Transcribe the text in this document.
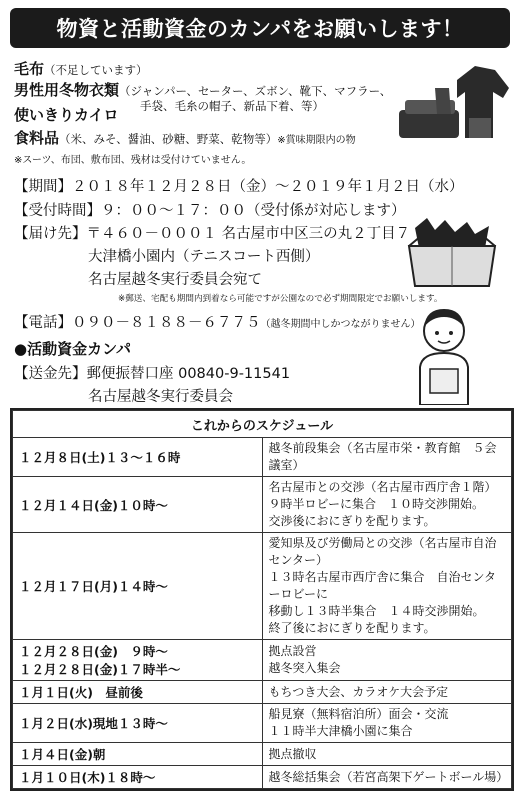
物資と活動資金のカンパをお願いします！
毛布（不足しています）
男性用冬物衣類（ジャンパー、セーター、ズボン、靴下、マフラー、
手袋、毛糸の帽子、新品下着、等）
使いきりカイロ
食料品（米、みそ、醤油、砂糖、野菜、乾物等）※賞味期限内の物
※スーツ、布団、敷布団、残材は受付けていません。
【期間】２０１８年１２月２８日（金）～２０１９年１月２日（水）
【受付時間】９：００～１７：００（受付係が対応します）
【届け先】〒４６０－０００１ 名古屋市中区三の丸２丁目７
大津橋小園内（テニスコート西側）
名古屋越冬実行委員会宛て
※郵送、宅配も期間内到着なら可能ですが公園なので必ず期間限定でお願いします。
【電話】０９０－８１８８－６７７５（越冬期間中しかつながりません）
●活動資金カンパ
【送金先】郵便振替口座 00840-9-11541
名古屋越冬実行委員会
これからのスケジュール	
１２月８日(土)１３～１６時	越冬前段集会（名古屋市栄・教育館　５会議室）
１２月１４日(金)１０時～	名古屋市との交渉（名古屋市西庁舎１階）
９時半ロビーに集合　１０時交渉開始。
交渉後におにぎりを配ります。
１２月１７日(月)１４時～	愛知県及び労働局との交渉（名古屋市自治センター）
１３時名古屋市西庁舎に集合　自治センターロビーに
移動し１３時半集合　１４時交渉開始。
終了後におにぎりを配ります。
１２月２８日(金)　９時～
１２月２８日(金)１７時半～	拠点設営
越冬突入集会
１月１日(火)　昼前後	もちつき大会、カラオケ大会予定
１月２日(水)現地１３時～	船見寮（無料宿泊所）面会・交流
１１時半大津橋小園に集合
１月４日(金)朝	拠点撤収
１月１０日(木)１８時～	越冬総括集会（若宮高架下ゲートボール場）
